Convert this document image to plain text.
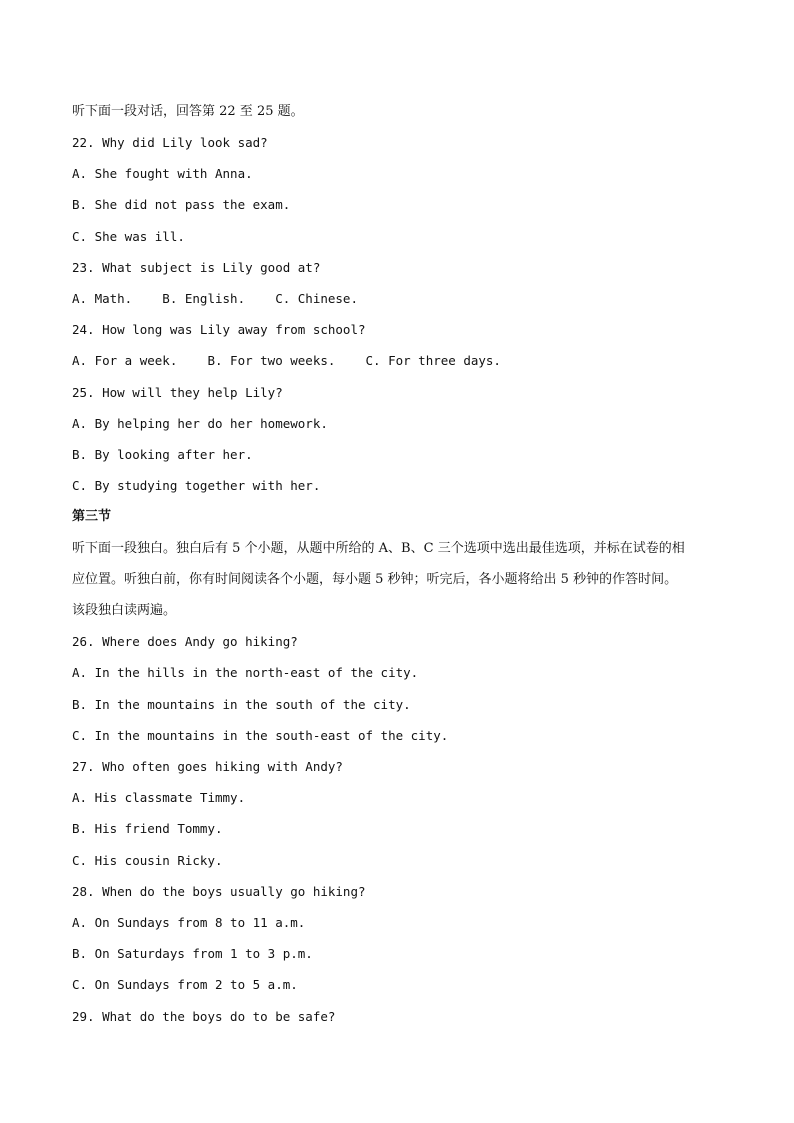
听下面一段对话，回答第 22 至 25 题。
22. Why did Lily look sad?
A. She fought with Anna.
B. She did not pass the exam.
C. She was ill.
23. What subject is Lily good at?
A. Math.    B. English.    C. Chinese.
24. How long was Lily away from school?
A. For a week.    B. For two weeks.    C. For three days.
25. How will they help Lily?
A. By helping her do her homework.
B. By looking after her.
C. By studying together with her.
第三节
听下面一段独白。独白后有 5 个小题，从题中所给的 A、B、C 三个选项中选出最佳选项，并标在试卷的相
应位置。听独白前，你有时间阅读各个小题，每小题 5 秒钟；听完后，各小题将给出 5 秒钟的作答时间。
该段独白读两遍。
26. Where does Andy go hiking?
A. In the hills in the north-east of the city.
B. In the mountains in the south of the city.
C. In the mountains in the south-east of the city.
27. Who often goes hiking with Andy?
A. His classmate Timmy.
B. His friend Tommy.
C. His cousin Ricky.
28. When do the boys usually go hiking?
A. On Sundays from 8 to 11 a.m.
B. On Saturdays from 1 to 3 p.m.
C. On Sundays from 2 to 5 a.m.
29. What do the boys do to be safe?
